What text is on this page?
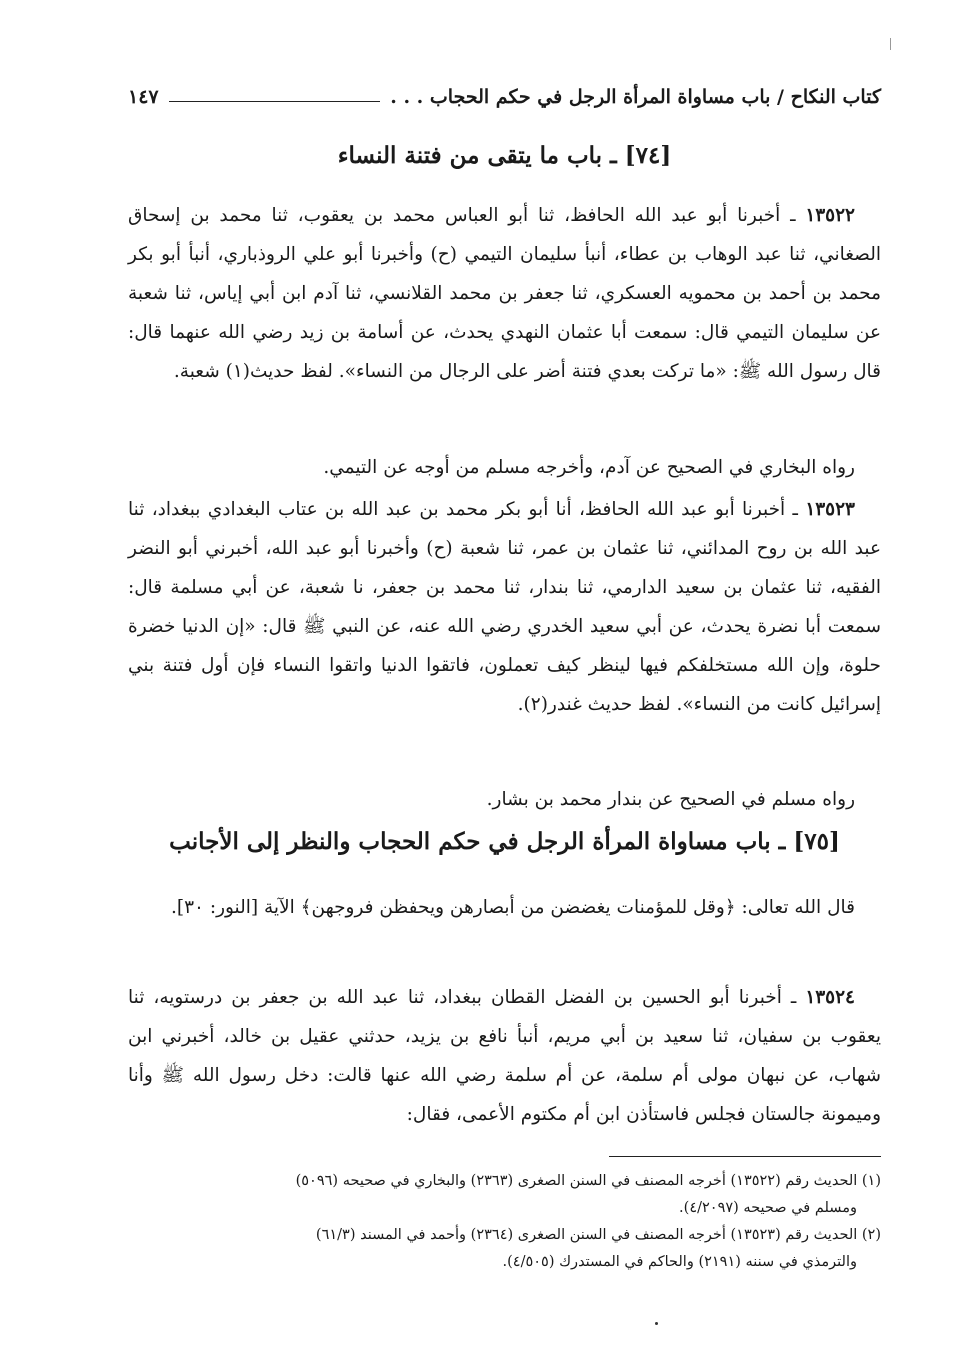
كتاب النكاح / باب مساواة المرأة الرجل في حكم الحجاب . . .
١٤٧
[٧٤] ـ باب ما يتقى من فتنة النساء

١٣٥٢٢ ـ أخبرنا أبو عبد الله الحافظ، ثنا أبو العباس محمد بن يعقوب، ثنا محمد بن إسحاق الصغاني، ثنا عبد الوهاب بن عطاء، أنبأ سليمان التيمي (ح) وأخبرنا أبو علي الروذباري، أنبأ أبو بكر محمد بن أحمد بن محمويه العسكري، ثنا جعفر بن محمد القلانسي، ثنا آدم ابن أبي إياس، ثنا شعبة عن سليمان التيمي قال: سمعت أبا عثمان النهدي يحدث، عن أسامة بن زيد رضي الله عنهما قال: قال رسول الله ﷺ: «ما تركت بعدي فتنة أضر على الرجال من النساء». لفظ حديث(١) شعبة.

رواه البخاري في الصحيح عن آدم، وأخرجه مسلم من أوجه عن التيمي.

١٣٥٢٣ ـ أخبرنا أبو عبد الله الحافظ، أنا أبو بكر محمد بن عبد الله بن عتاب البغدادي ببغداد، ثنا عبد الله بن روح المدائني، ثنا عثمان بن عمر، ثنا شعبة (ح) وأخبرنا أبو عبد الله، أخبرني أبو النضر الفقيه، ثنا عثمان بن سعيد الدارمي، ثنا بندار، ثنا محمد بن جعفر، نا شعبة، عن أبي مسلمة قال: سمعت أبا نضرة يحدث، عن أبي سعيد الخدري رضي الله عنه، عن النبي ﷺ قال: «إن الدنيا خضرة حلوة، وإن الله مستخلفكم فيها لينظر كيف تعملون، فاتقوا الدنيا واتقوا النساء فإن أول فتنة بني إسرائيل كانت من النساء». لفظ حديث غندر(٢).

رواه مسلم في الصحيح عن بندار محمد بن بشار.

[٧٥] ـ باب مساواة المرأة الرجل في حكم الحجاب والنظر إلى الأجانب

قال الله تعالى: ﴿وقل للمؤمنات يغضضن من أبصارهن ويحفظن فروجهن﴾ الآية [النور: ٣٠].

١٣٥٢٤ ـ أخبرنا أبو الحسين بن الفضل القطان ببغداد، ثنا عبد الله بن جعفر بن درستويه، ثنا يعقوب بن سفيان، ثنا سعيد بن أبي مريم، أنبأ نافع بن يزيد، حدثني عقيل بن خالد، أخبرني ابن شهاب، عن نبهان مولى أم سلمة، عن أم سلمة رضي الله عنها قالت: دخل رسول الله ﷺ وأنا وميمونة جالستان فجلس فاستأذن ابن أم مكتوم الأعمى، فقال:

(١) الحديث رقم (١٣٥٢٢) أخرجه المصنف في السنن الصغرى (٢٣٦٣) والبخاري في صحيحه (٥٠٩٦)
ومسلم في صحيحه (٤/٢٠٩٧).
(٢) الحديث رقم (١٣٥٢٣) أخرجه المصنف في السنن الصغرى (٢٣٦٤) وأحمد في المسند (٦١/٣)
والترمذي في سننه (٢١٩١) والحاكم في المستدرك (٤/٥٠٥).
